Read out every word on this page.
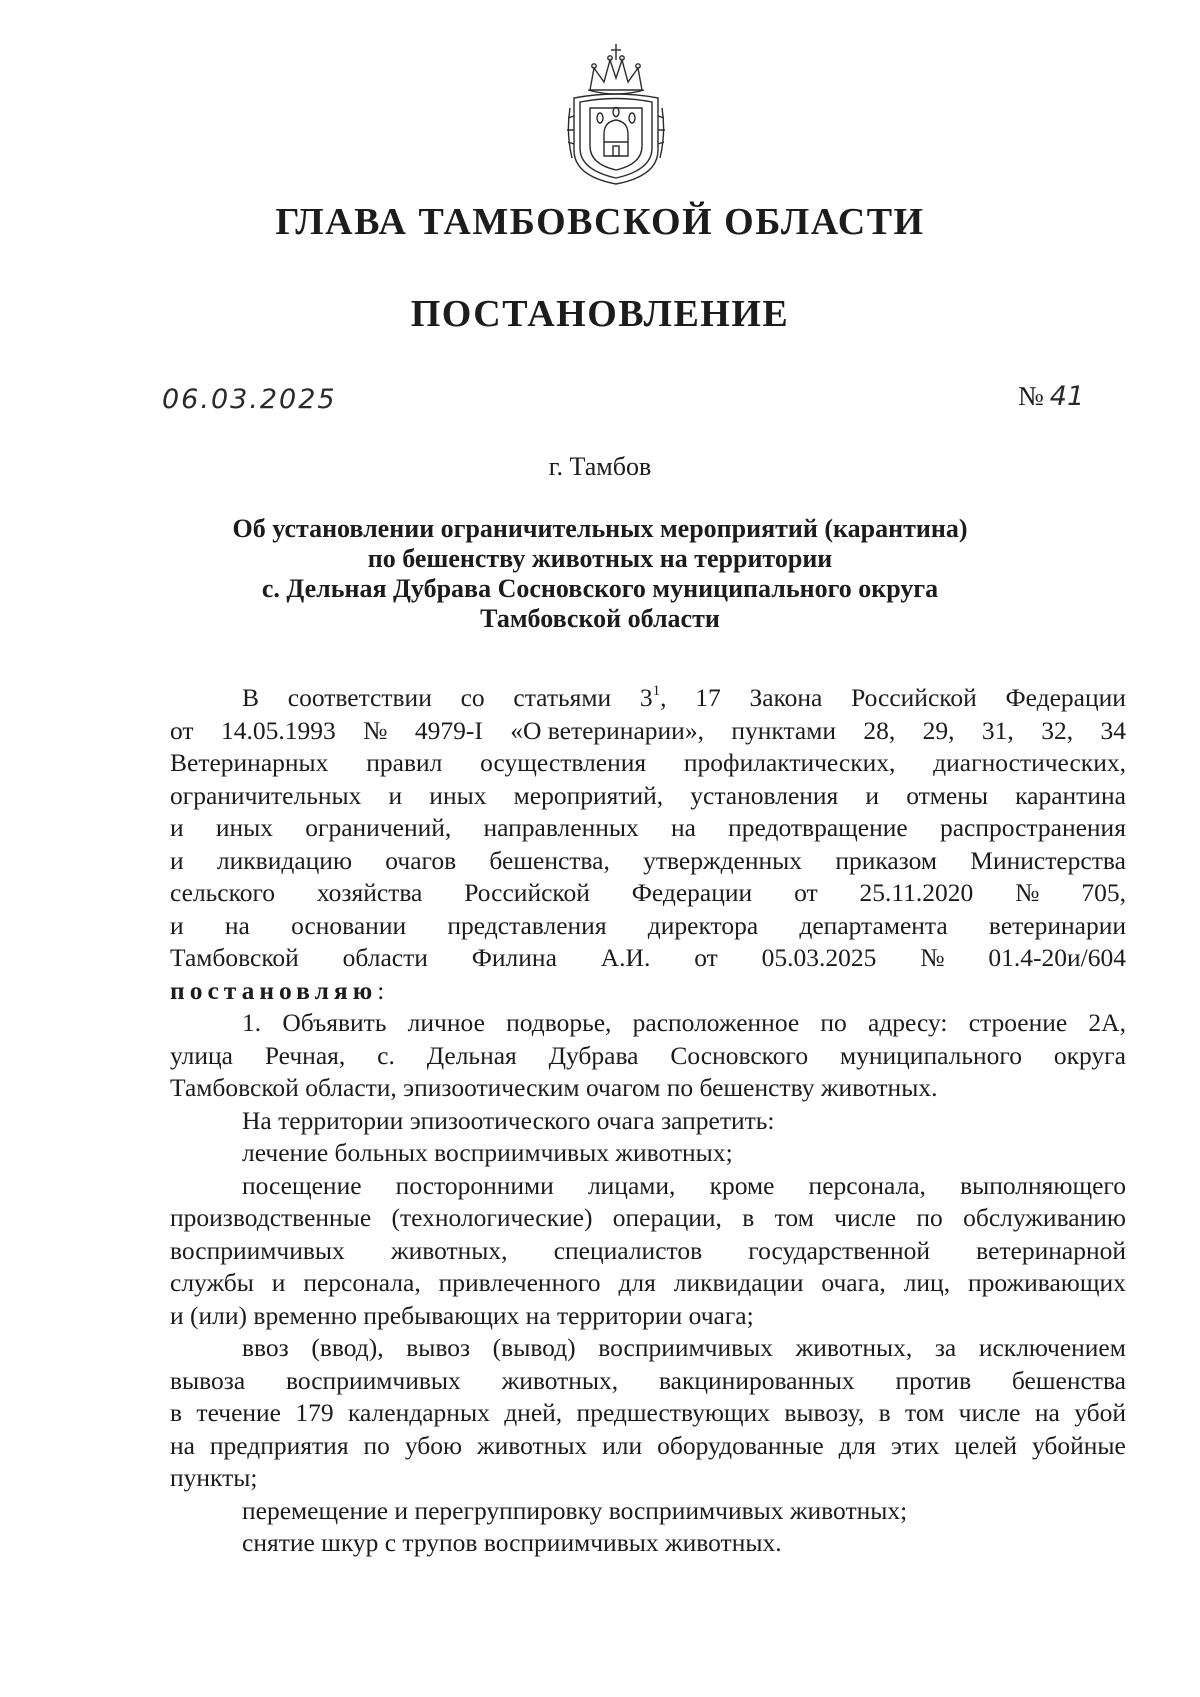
ГЛАВА ТАМБОВСКОЙ ОБЛАСТИ
ПОСТАНОВЛЕНИЕ
06.03.2025	№ 41
г. Тамбов
Об установлении ограничительных мероприятий (карантина)
по бешенству животных на территории
с. Дельная Дубрава Сосновского муниципального округа
Тамбовской области
В соответствии со статьями $3^1$, 17 Закона Российской Федерации
от 14.05.1993 № 4979-I «О ветеринарии», пунктами 28, 29, 31, 32, 34
Ветеринарных правил осуществления профилактических, диагностических,
ограничительных и иных мероприятий, установления и отмены карантина
и иных ограничений, направленных на предотвращение распространения
и ликвидацию очагов бешенства, утвержденных приказом Министерства
сельского хозяйства Российской Федерации от 25.11.2020 № 705,
и на основании представления директора департамента ветеринарии
Тамбовской области Филина А.И. от 05.03.2025 № 01.4-20и/604
постановляю:
1. Объявить личное подворье, расположенное по адресу: строение 2А,
улица Речная, с. Дельная Дубрава Сосновского муниципального округа
Тамбовской области, эпизоотическим очагом по бешенству животных.
На территории эпизоотического очага запретить:
лечение больных восприимчивых животных;
посещение посторонними лицами, кроме персонала, выполняющего
производственные (технологические) операции, в том числе по обслуживанию
восприимчивых животных, специалистов государственной ветеринарной
службы и персонала, привлеченного для ликвидации очага, лиц, проживающих
и (или) временно пребывающих на территории очага;
ввоз (ввод), вывоз (вывод) восприимчивых животных, за исключением
вывоза восприимчивых животных, вакцинированных против бешенства
в течение 179 календарных дней, предшествующих вывозу, в том числе на убой
на предприятия по убою животных или оборудованные для этих целей убойные
пункты;
перемещение и перегруппировку восприимчивых животных;
снятие шкур с трупов восприимчивых животных.
